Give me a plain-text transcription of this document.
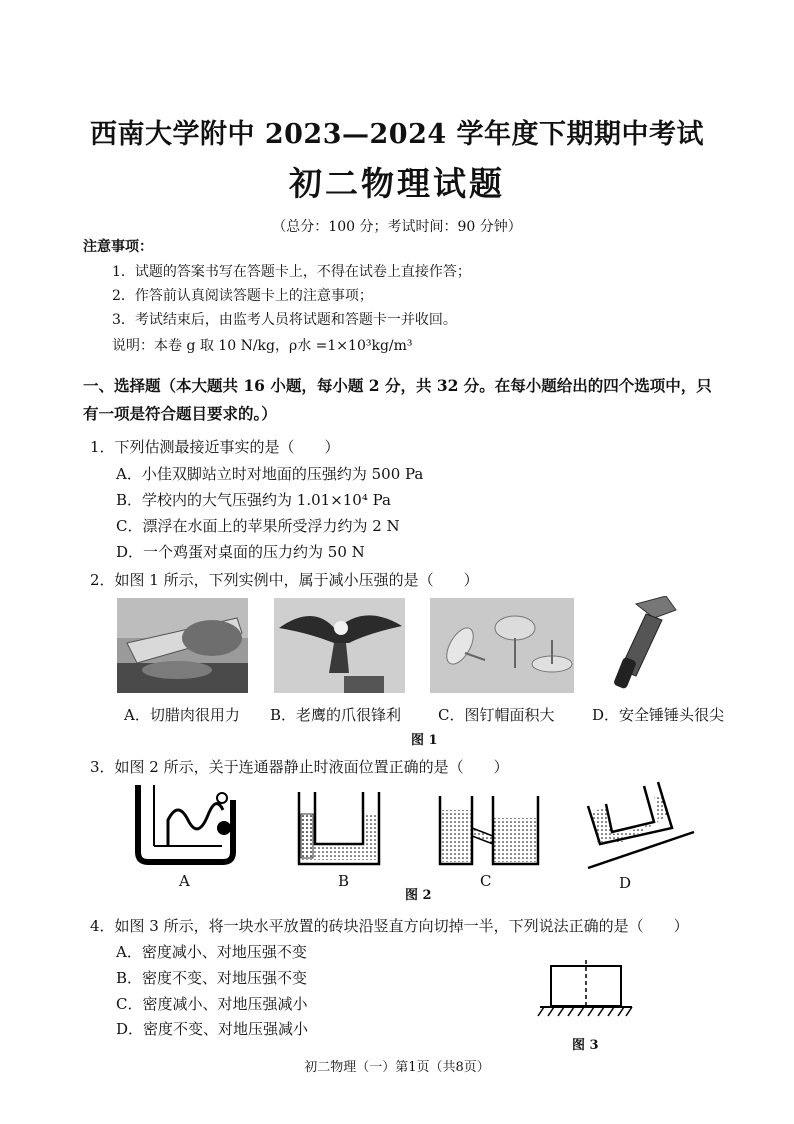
西南大学附中 2023—2024 学年度下期期中考试
初二物理试题
（总分：100 分；考试时间：90 分钟）
注意事项：
1．试题的答案书写在答题卡上，不得在试卷上直接作答；
2．作答前认真阅读答题卡上的注意事项；
3．考试结束后，由监考人员将试题和答题卡一并收回。
说明：本卷 g 取 10 N/kg，ρ水 =1×10³kg/m³
一、选择题（本大题共 16 小题，每小题 2 分，共 32 分。在每小题给出的四个选项中，只有一项是符合题目要求的。）
1．下列估测最接近事实的是（　　）
A．小佳双脚站立时对地面的压强约为 500 Pa
B．学校内的大气压强约为 1.01×10⁴ Pa
C．漂浮在水面上的苹果所受浮力约为 2 N
D．一个鸡蛋对桌面的压力约为 50 N
2．如图 1 所示，下列实例中，属于减小压强的是（　　）
A．切腊肉很用力 B．老鹰的爪很锋利 C．图钉帽面积大	D．安全锤锤头很尖
图 1
3．如图 2 所示，关于连通器静止时液面位置正确的是（　　）
A	B	C	D
图 2
4．如图 3 所示，将一块水平放置的砖块沿竖直方向切掉一半，下列说法正确的是（　　）
A．密度减小、对地压强不变
B．密度不变、对地压强不变
C．密度减小、对地压强减小
D．密度不变、对地压强减小
图 3
初二物理（一）第1页（共8页）
